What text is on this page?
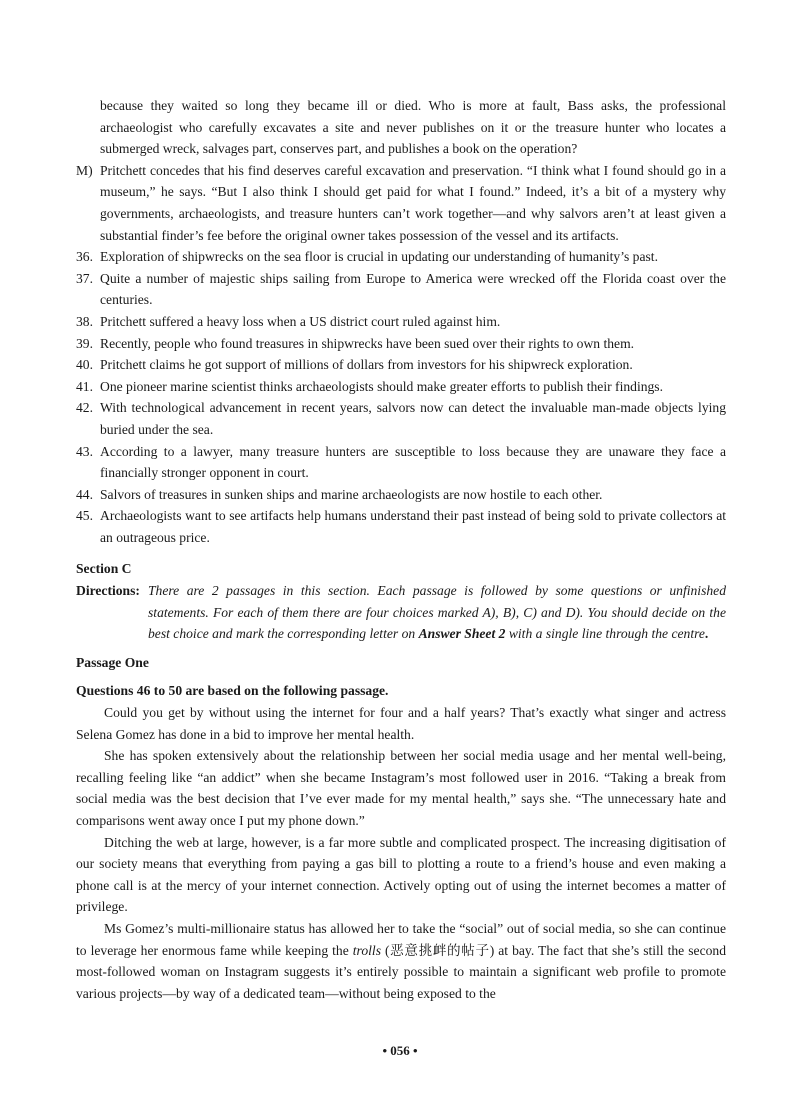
because they waited so long they became ill or died. Who is more at fault, Bass asks, the professional archaeologist who carefully excavates a site and never publishes on it or the treasure hunter who locates a submerged wreck, salvages part, conserves part, and publishes a book on the operation?
M) Pritchett concedes that his find deserves careful excavation and preservation. “I think what I found should go in a museum,” he says. “But I also think I should get paid for what I found.” Indeed, it’s a bit of a mystery why governments, archaeologists, and treasure hunters can’t work together—and why salvors aren’t at least given a substantial finder’s fee before the original owner takes possession of the vessel and its artifacts.
36. Exploration of shipwrecks on the sea floor is crucial in updating our understanding of humanity’s past.
37. Quite a number of majestic ships sailing from Europe to America were wrecked off the Florida coast over the centuries.
38. Pritchett suffered a heavy loss when a US district court ruled against him.
39. Recently, people who found treasures in shipwrecks have been sued over their rights to own them.
40. Pritchett claims he got support of millions of dollars from investors for his shipwreck exploration.
41. One pioneer marine scientist thinks archaeologists should make greater efforts to publish their findings.
42. With technological advancement in recent years, salvors now can detect the invaluable man-made objects lying buried under the sea.
43. According to a lawyer, many treasure hunters are susceptible to loss because they are unaware they face a financially stronger opponent in court.
44. Salvors of treasures in sunken ships and marine archaeologists are now hostile to each other.
45. Archaeologists want to see artifacts help humans understand their past instead of being sold to private collectors at an outrageous price.
Section C
Directions: There are 2 passages in this section. Each passage is followed by some questions or unfinished statements. For each of them there are four choices marked A), B), C) and D). You should decide on the best choice and mark the corresponding letter on Answer Sheet 2 with a single line through the centre.
Passage One
Questions 46 to 50 are based on the following passage.
Could you get by without using the internet for four and a half years? That’s exactly what singer and actress Selena Gomez has done in a bid to improve her mental health.
She has spoken extensively about the relationship between her social media usage and her mental well-being, recalling feeling like “an addict” when she became Instagram’s most followed user in 2016. “Taking a break from social media was the best decision that I’ve ever made for my mental health,” says she. “The unnecessary hate and comparisons went away once I put my phone down.”
Ditching the web at large, however, is a far more subtle and complicated prospect. The increasing digitisation of our society means that everything from paying a gas bill to plotting a route to a friend’s house and even making a phone call is at the mercy of your internet connection. Actively opting out of using the internet becomes a matter of privilege.
Ms Gomez’s multi-millionaire status has allowed her to take the “social” out of social media, so she can continue to leverage her enormous fame while keeping the trolls (恶意挑衅的帖子) at bay. The fact that she’s still the second most-followed woman on Instagram suggests it’s entirely possible to maintain a significant web profile to promote various projects—by way of a dedicated team—without being exposed to the
• 056 •
